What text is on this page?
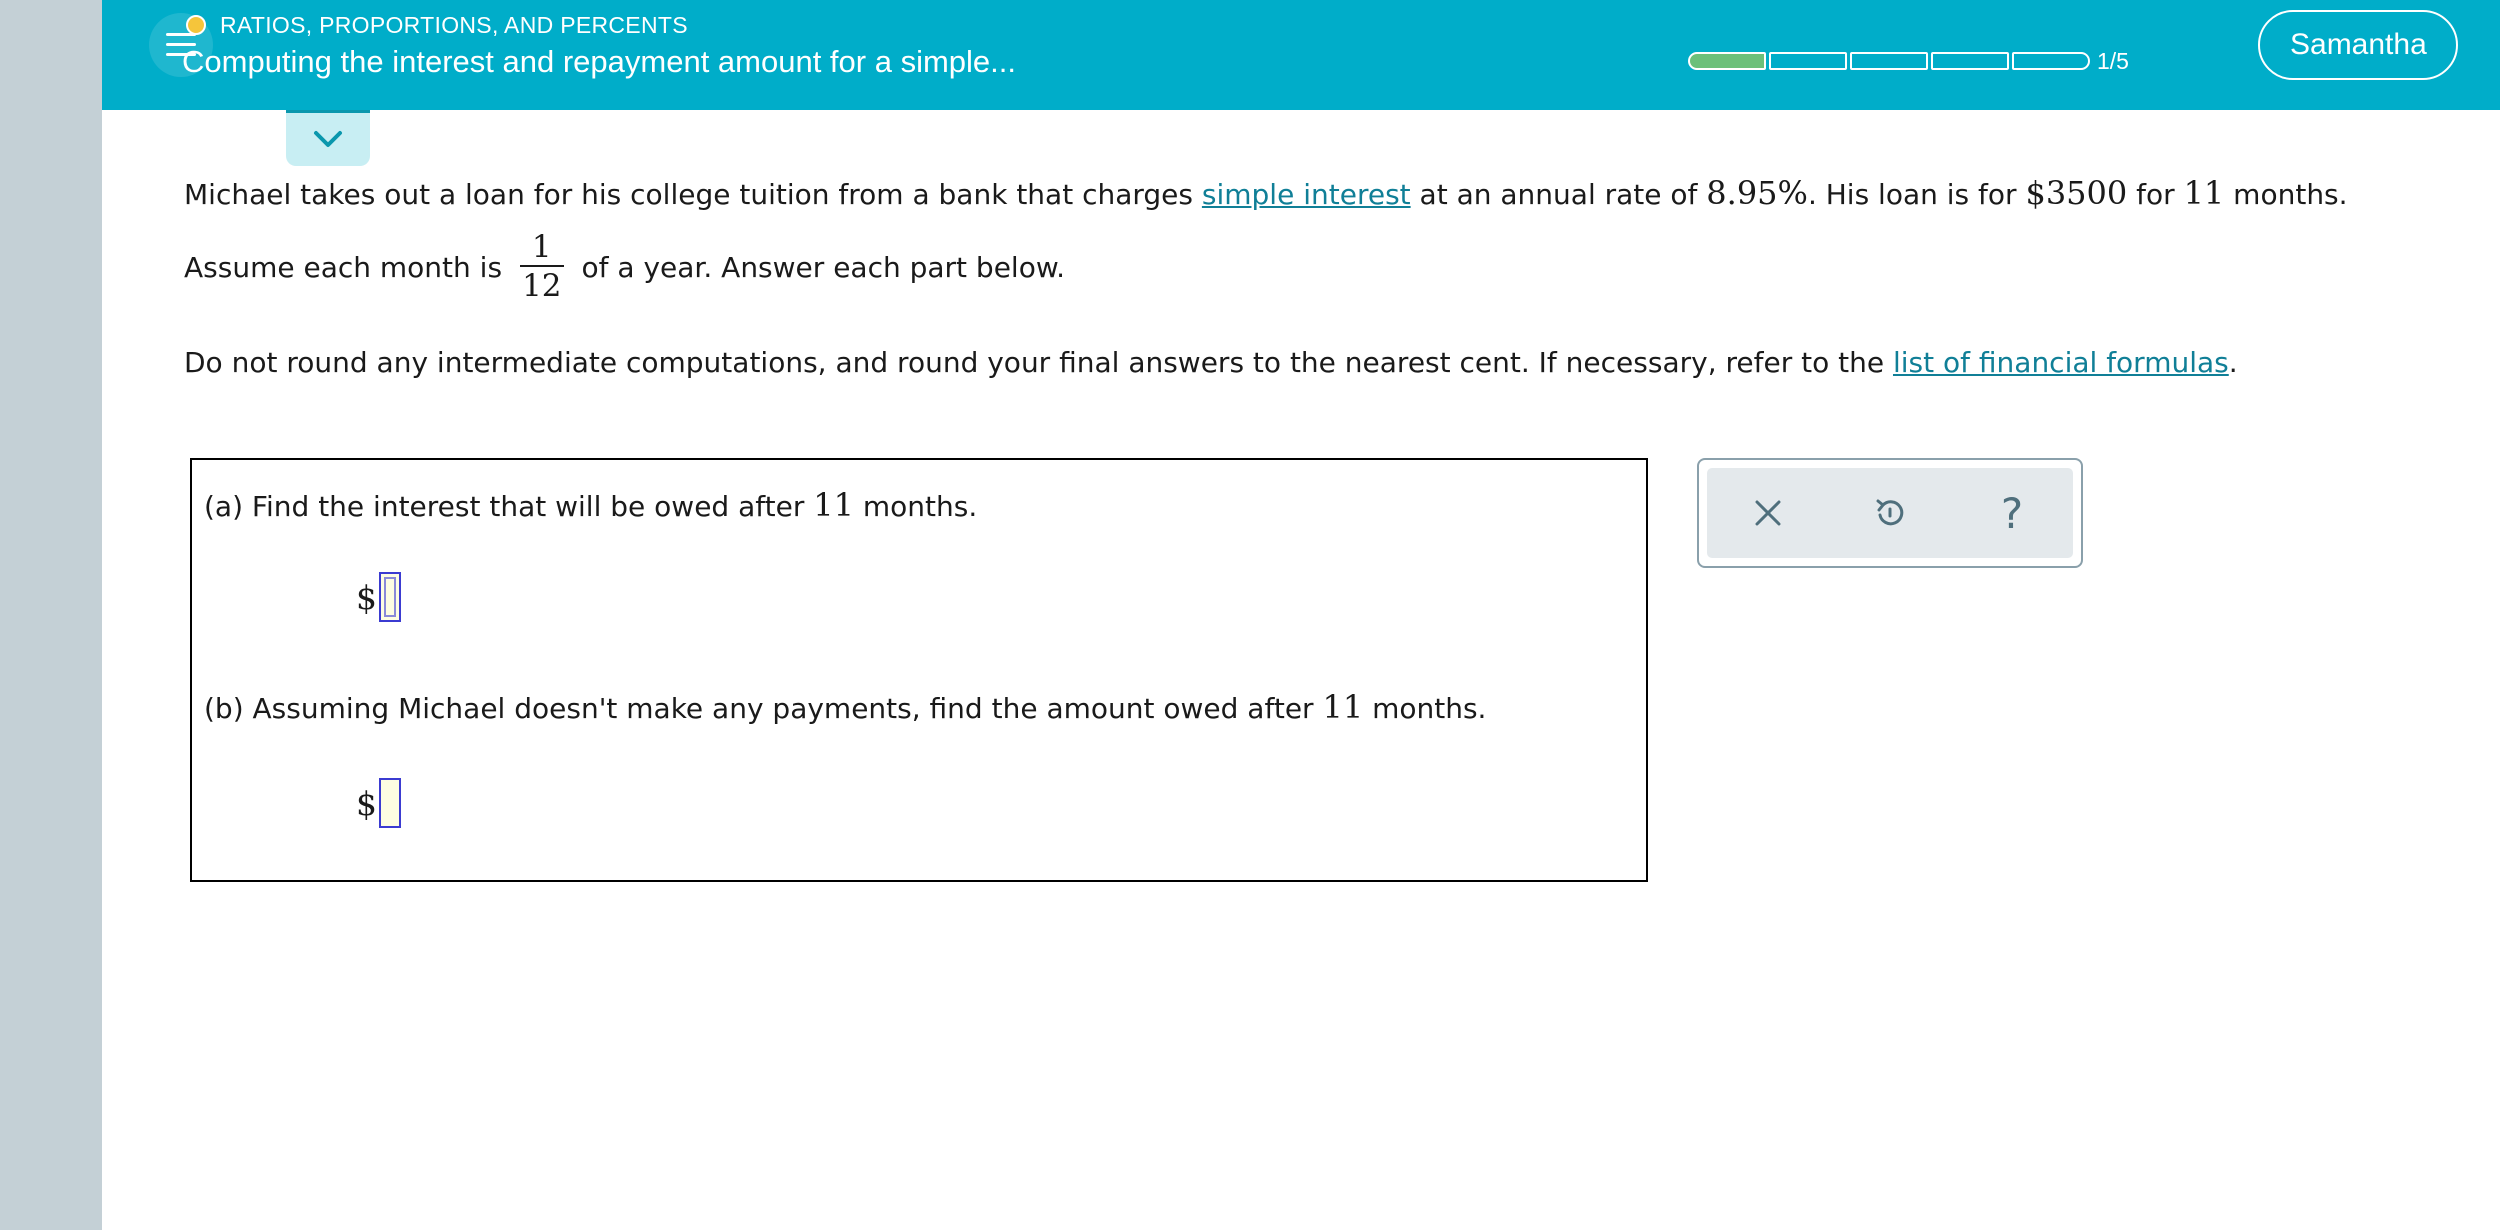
RATIOS, PROPORTIONS, AND PERCENTS
Computing the interest and repayment amount for a simple...	1/5	Samantha
Michael takes out a loan for his college tuition from a bank that charges simple interest at an annual rate of 8.95%. His loan is for $3500 for 11 months.
Assume each month is $\frac{1}{12}$ of a year. Answer each part below.
Do not round any intermediate computations, and round your final answers to the nearest cent. If necessary, refer to the list of financial formulas.
(a) Find the interest that will be owed after 11 months.
$
(b) Assuming Michael doesn't make any payments, find the amount owed after 11 months.
$
?
